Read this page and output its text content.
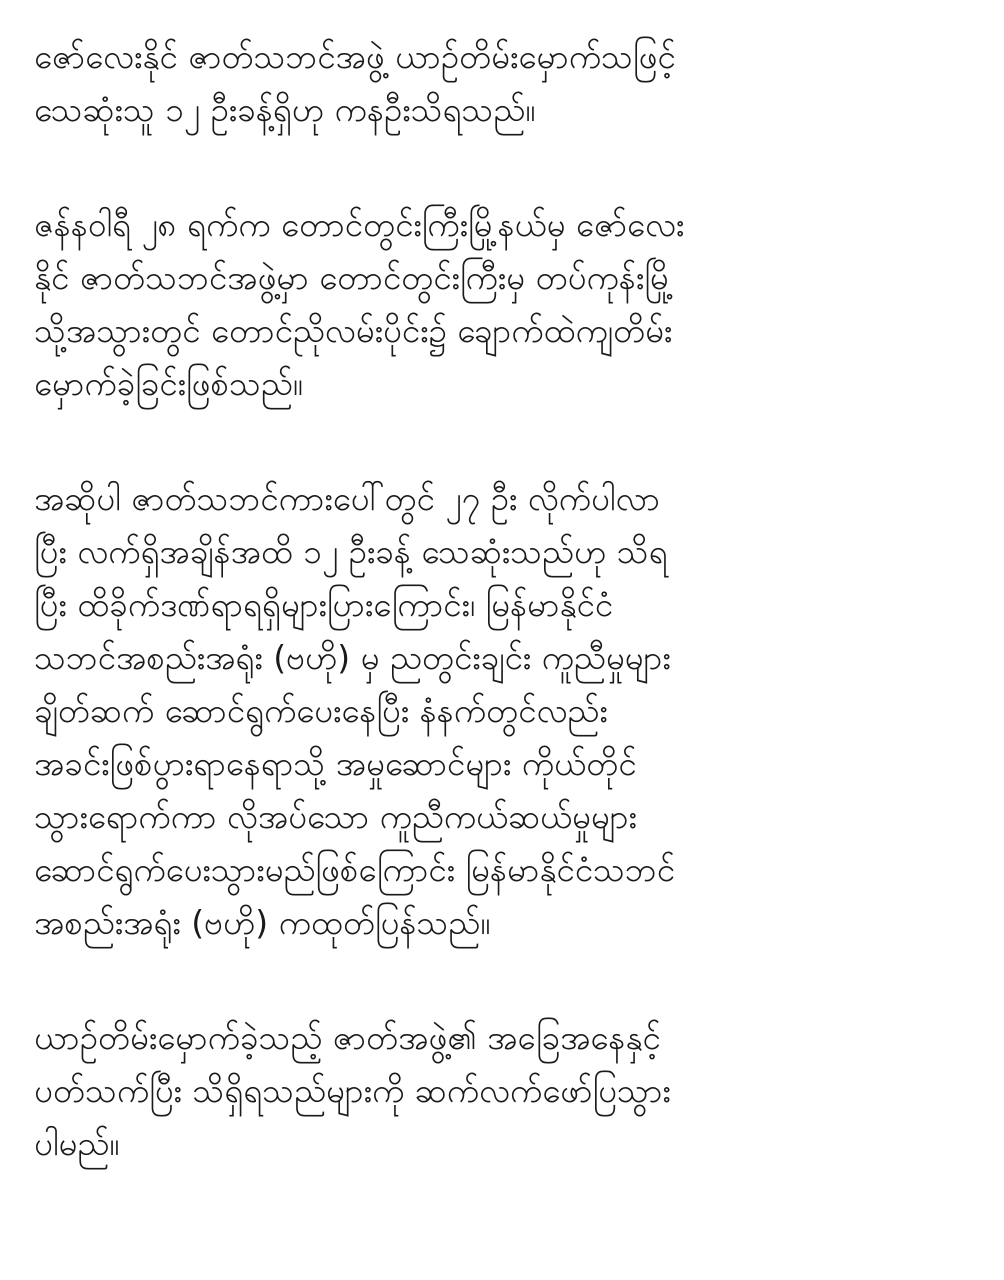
ဇော်လေးနိုင် ဇာတ်သဘင်အဖွဲ့ ယာဉ်တိမ်းမှောက်သဖြင့်
သေဆုံးသူ ၁၂ ဦးခန့်ရှိဟု ကနဦးသိရသည်။
ဇန်နဝါရီ ၂၈ ရက်က တောင်တွင်းကြီးမြို့နယ်မှ ဇော်လေး
နိုင် ဇာတ်သဘင်အဖွဲ့မှာ တောင်တွင်းကြီးမှ တပ်ကုန်းမြို့
သို့အသွားတွင် တောင်ညိုလမ်းပိုင်း၌ ချောက်ထဲကျတိမ်း
မှောက်ခဲ့ခြင်းဖြစ်သည်။
အဆိုပါ ဇာတ်သဘင်ကားပေါ်တွင် ၂၇ ဦး လိုက်ပါလာ
ပြီး လက်ရှိအချိန်အထိ ၁၂ ဦးခန့် သေဆုံးသည်ဟု သိရ
ပြီး ထိခိုက်ဒဏ်ရာရရှိများပြားကြောင်း၊ မြန်မာနိုင်ငံ
သဘင်အစည်းအရုံး (ဗဟို) မှ ညတွင်းချင်း ကူညီမှုများ
ချိတ်ဆက် ဆောင်ရွက်ပေးနေပြီး နံနက်တွင်လည်း
အခင်းဖြစ်ပွားရာနေရာသို့ အမှုဆောင်များ ကိုယ်တိုင်
သွားရောက်ကာ လိုအပ်သော ကူညီကယ်ဆယ်မှုများ
ဆောင်ရွက်ပေးသွားမည်ဖြစ်ကြောင်း မြန်မာနိုင်ငံသဘင်
အစည်းအရုံး (ဗဟို) ကထုတ်ပြန်သည်။
ယာဉ်တိမ်းမှောက်ခဲ့သည့် ဇာတ်အဖွဲ့၏ အခြေအနေနှင့်
ပတ်သက်ပြီး သိရှိရသည်များကို ဆက်လက်ဖော်ပြသွား
ပါမည်။
